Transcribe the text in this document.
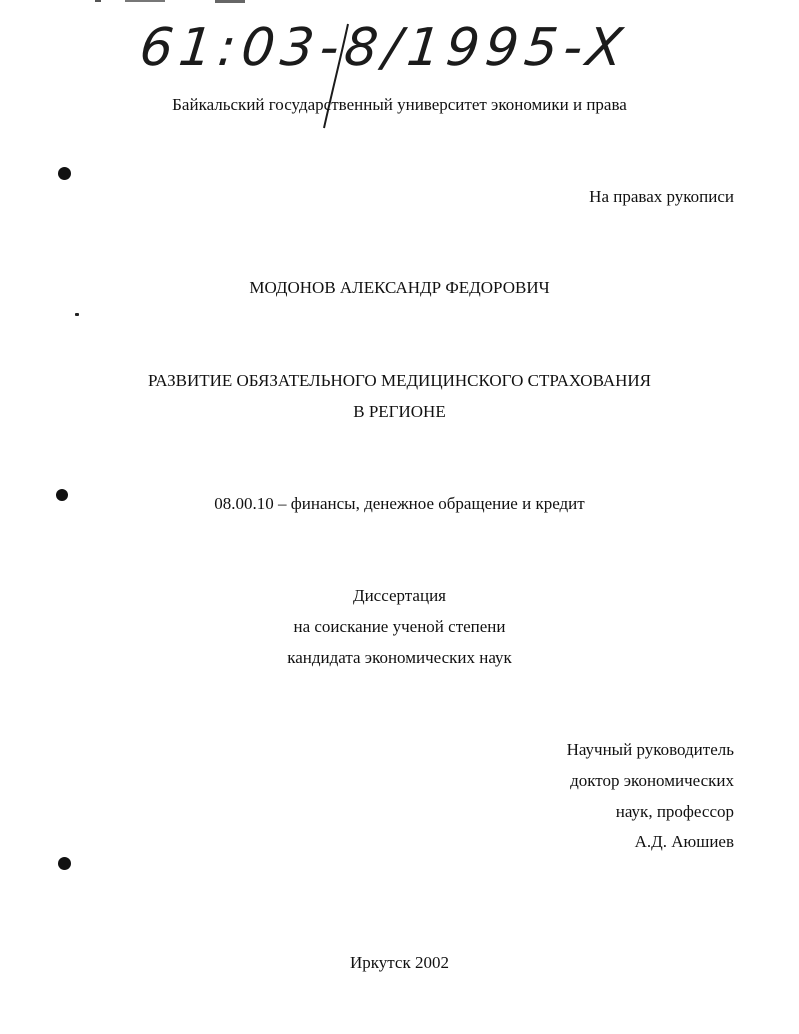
61:03-8/1995-X
Байкальский государственный университет экономики и права
На правах рукописи
МОДОНОВ АЛЕКСАНДР ФЕДОРОВИЧ
РАЗВИТИЕ ОБЯЗАТЕЛЬНОГО МЕДИЦИНСКОГО СТРАХОВАНИЯ
В РЕГИОНЕ
08.00.10 – финансы, денежное обращение и кредит
Диссертация
на соискание ученой степени
кандидата экономических наук
Научный руководитель
доктор экономических
наук, профессор
А.Д. Аюшиев
Иркутск 2002
